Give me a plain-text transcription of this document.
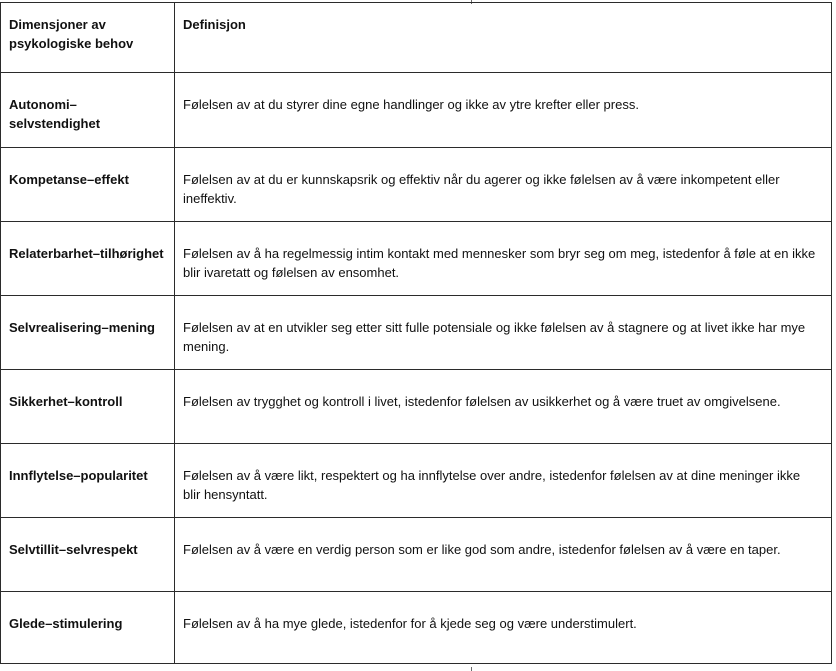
Dimensjoner av psykologiske behov	Definisjon
Autonomi–selvstendighet	Følelsen av at du styrer dine egne handlinger og ikke av ytre krefter eller press.
Kompetanse–effekt	Følelsen av at du er kunnskapsrik og effektiv når du agerer og ikke følelsen av å være inkompetent eller ineffektiv.
Relaterbarhet–tilhørighet	Følelsen av å ha regelmessig intim kontakt med mennesker som bryr seg om meg, istedenfor å føle at en ikke blir ivaretatt og følelsen av ensomhet.
Selvrealisering–mening	Følelsen av at en utvikler seg etter sitt fulle potensiale og ikke følelsen av å stagnere og at livet ikke har mye mening.
Sikkerhet–kontroll	Følelsen av trygghet og kontroll i livet, istedenfor følelsen av usikkerhet og å være truet av omgivelsene.
Innflytelse–popularitet	Følelsen av å være likt, respektert og ha innflytelse over andre, istedenfor følelsen av at dine meninger ikke blir hensyntatt.
Selvtillit–selvrespekt	Følelsen av å være en verdig person som er like god som andre, istedenfor følelsen av å være en taper.
Glede–stimulering	Følelsen av å ha mye glede, istedenfor for å kjede seg og være understimulert.
